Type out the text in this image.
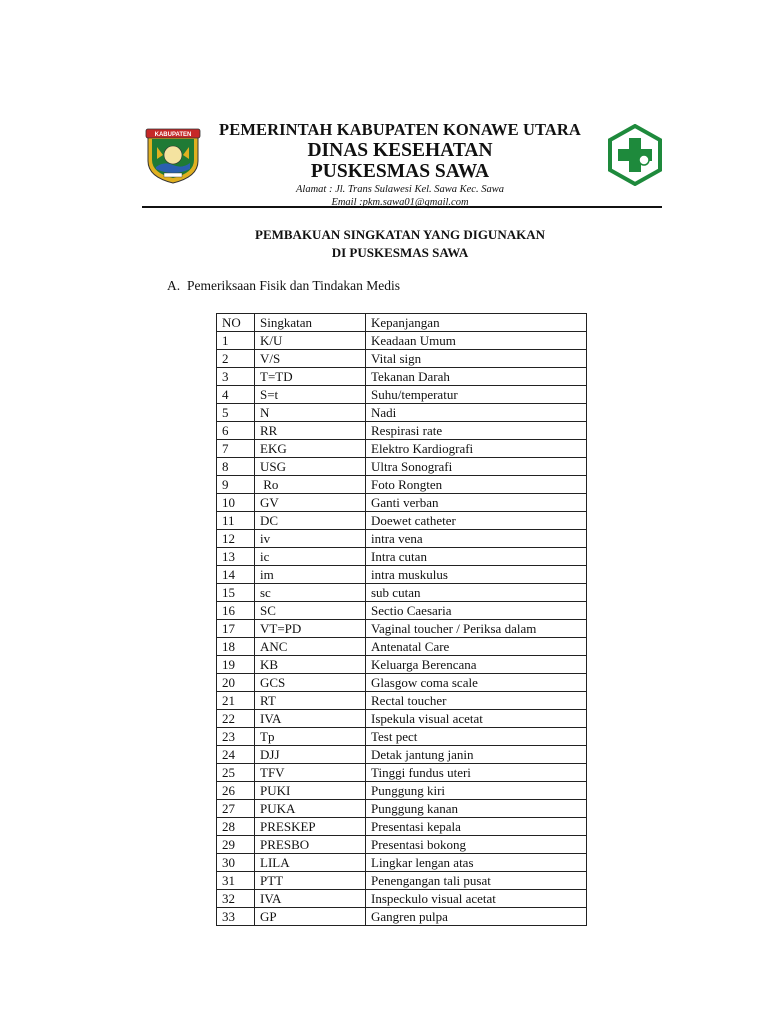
KABUPATEN	PEMERINTAH KABUPATEN KONAWE UTARA
DINAS KESEHATAN
PUSKESMAS SAWA
Alamat : Jl. Trans Sulawesi Kel. Sawa Kec. Sawa
Email :pkm.sawa01@gmail.com
PEMBAKUAN SINGKATAN YANG DIGUNAKAN
DI PUSKESMAS SAWA
A. Pemeriksaan Fisik dan Tindakan Medis
NO	Singkatan	Kepanjangan
1	K/U	Keadaan Umum
2	V/S	Vital sign
3	T=TD	Tekanan Darah
4	S=t	Suhu/temperatur
5	N	Nadi
6	RR	Respirasi rate
7	EKG	Elektro Kardiografi
8	USG	Ultra Sonografi
9	Ro	Foto Rongten
10	GV	Ganti verban
11	DC	Doewet catheter
12	iv	intra vena
13	ic	Intra cutan
14	im	intra muskulus
15	sc	sub cutan
16	SC	Sectio Caesaria
17	VT=PD	Vaginal toucher / Periksa dalam
18	ANC	Antenatal Care
19	KB	Keluarga Berencana
20	GCS	Glasgow coma scale
21	RT	Rectal toucher
22	IVA	Ispekula visual acetat
23	Tp	Test pect
24	DJJ	Detak jantung janin
25	TFV	Tinggi fundus uteri
26	PUKI	Punggung kiri
27	PUKA	Punggung kanan
28	PRESKEP	Presentasi kepala
29	PRESBO	Presentasi bokong
30	LILA	Lingkar lengan atas
31	PTT	Penengangan tali pusat
32	IVA	Inspeckulo visual acetat
33	GP	Gangren pulpa
